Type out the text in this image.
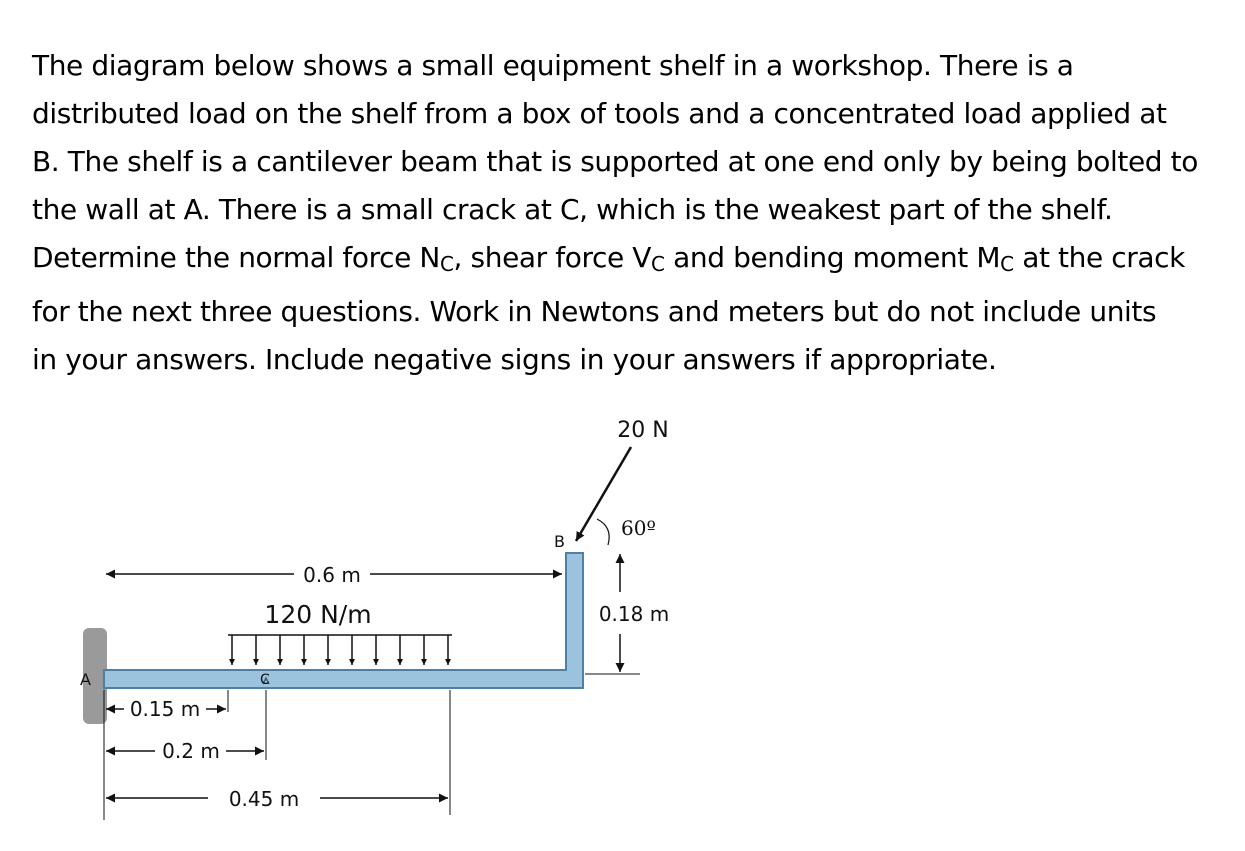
The diagram below shows a small equipment shelf in a workshop. There is a
distributed load on the shelf from a box of tools and a concentrated load applied at
B. The shelf is a cantilever beam that is supported at one end only by being bolted to
the wall at A. There is a small crack at C, which is the weakest part of the shelf.
Determine the normal force $N_C$, shear force $V_C$ and bending moment $M_C$ at the crack
for the next three questions. Work in Newtons and meters but do not include units
in your answers. Include negative signs in your answers if appropriate.
120 N/m
0.6 m
0.15 m
0.2 m
0.45 m
A
B
C
20 N
60º
0.18 m
